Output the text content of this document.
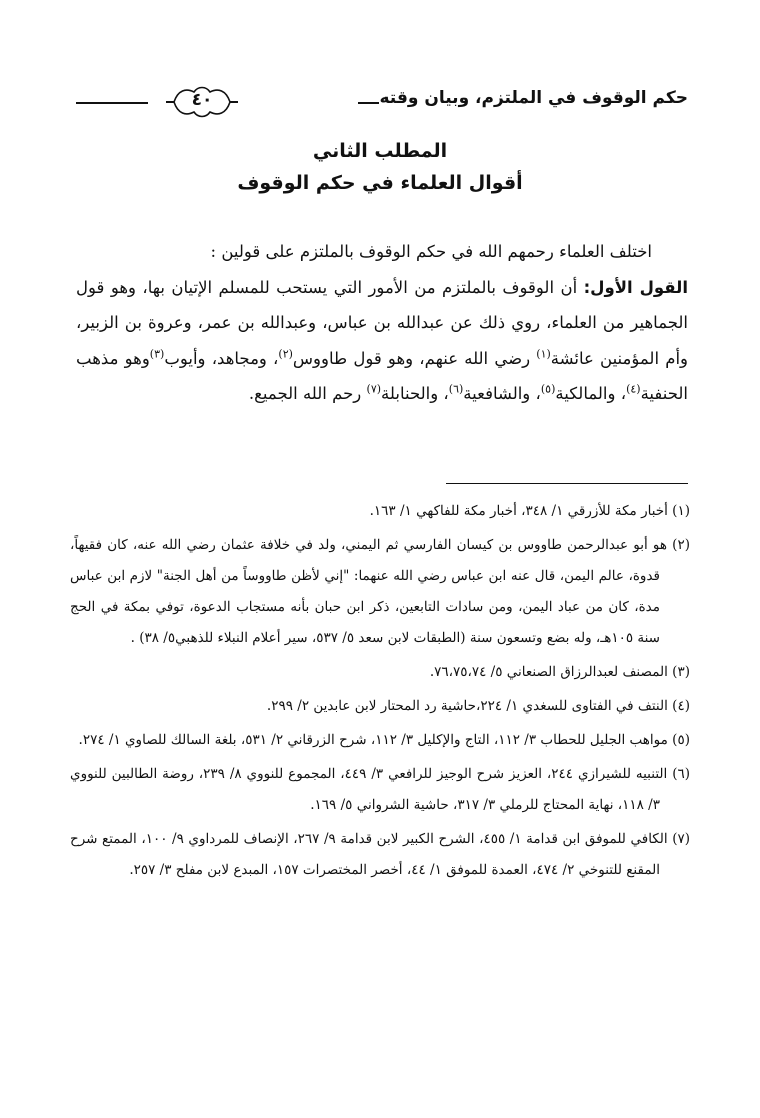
٤٠	حكم الوقوف في الملتزم، وبيان وقته
المطلب الثاني
أقوال العلماء في حكم الوقوف

اختلف العلماء رحمهم الله في حكم الوقوف بالملتزم على قولين :

القول الأول: أن الوقوف بالملتزم من الأمور التي يستحب للمسلم الإتيان بها، وهو قول الجماهير من العلماء، روي ذلك عن عبدالله بن عباس، وعبدالله بن عمر، وعروة بن الزبير، وأم المؤمنين عائشة$^{(١)}$ رضي الله عنهم، وهو قول طاووس$^{(٢)}$، ومجاهد، وأيوب$^{(٣)}$وهو مذهب الحنفية$^{(٤)}$، والمالكية$^{(٥)}$، والشافعية$^{(٦)}$، والحنابلة$^{(٧)}$ رحم الله الجميع.

(١) أخبار مكة للأزرقي ١/ ٣٤٨، أخبار مكة للفاكهي ١/ ١٦٣.

(٢) هو أبو عبدالرحمن طاووس بن كيسان الفارسي ثم اليمني، ولد في خلافة عثمان رضي الله عنه، كان فقيهاً، قدوة، عالم اليمن، قال عنه ابن عباس رضي الله عنهما: "إني لأظن طاووساً من أهل الجنة" لازم ابن عباس مدة، كان من عباد اليمن، ومن سادات التابعين، ذكر ابن حبان بأنه مستجاب الدعوة، توفي بمكة في الحج سنة ١٠٥هـ، وله بضع وتسعون سنة (الطبقات لابن سعد ٥/ ٥٣٧، سير أعلام النبلاء للذهبي٥/ ٣٨) .

(٣) المصنف لعبدالرزاق الصنعاني ٥/ ٧٦،٧٥،٧٤.

(٤) النتف في الفتاوى للسغدي ١/ ٢٢٤،حاشية رد المحتار لابن عابدين ٢/ ٢٩٩.

(٥) مواهب الجليل للحطاب ٣/ ١١٢، التاج والإكليل ٣/ ١١٢، شرح الزرقاني ٢/ ٥٣١، بلغة السالك للصاوي ١/ ٢٧٤.

(٦) التنبيه للشيرازي ٢٤٤، العزيز شرح الوجيز للرافعي ٣/ ٤٤٩، المجموع للنووي ٨/ ٢٣٩، روضة الطالبين للنووي ٣/ ١١٨، نهاية المحتاج للرملي ٣/ ٣١٧، حاشية الشرواني ٥/ ١٦٩.

(٧) الكافي للموفق ابن قدامة ١/ ٤٥٥، الشرح الكبير لابن قدامة ٩/ ٢٦٧، الإنصاف للمرداوي ٩/ ١٠٠، الممتع شرح المقنع للتنوخي ٢/ ٤٧٤، العمدة للموفق ١/ ٤٤، أخصر المختصرات ١٥٧، المبدع لابن مفلح ٣/ ٢٥٧.
